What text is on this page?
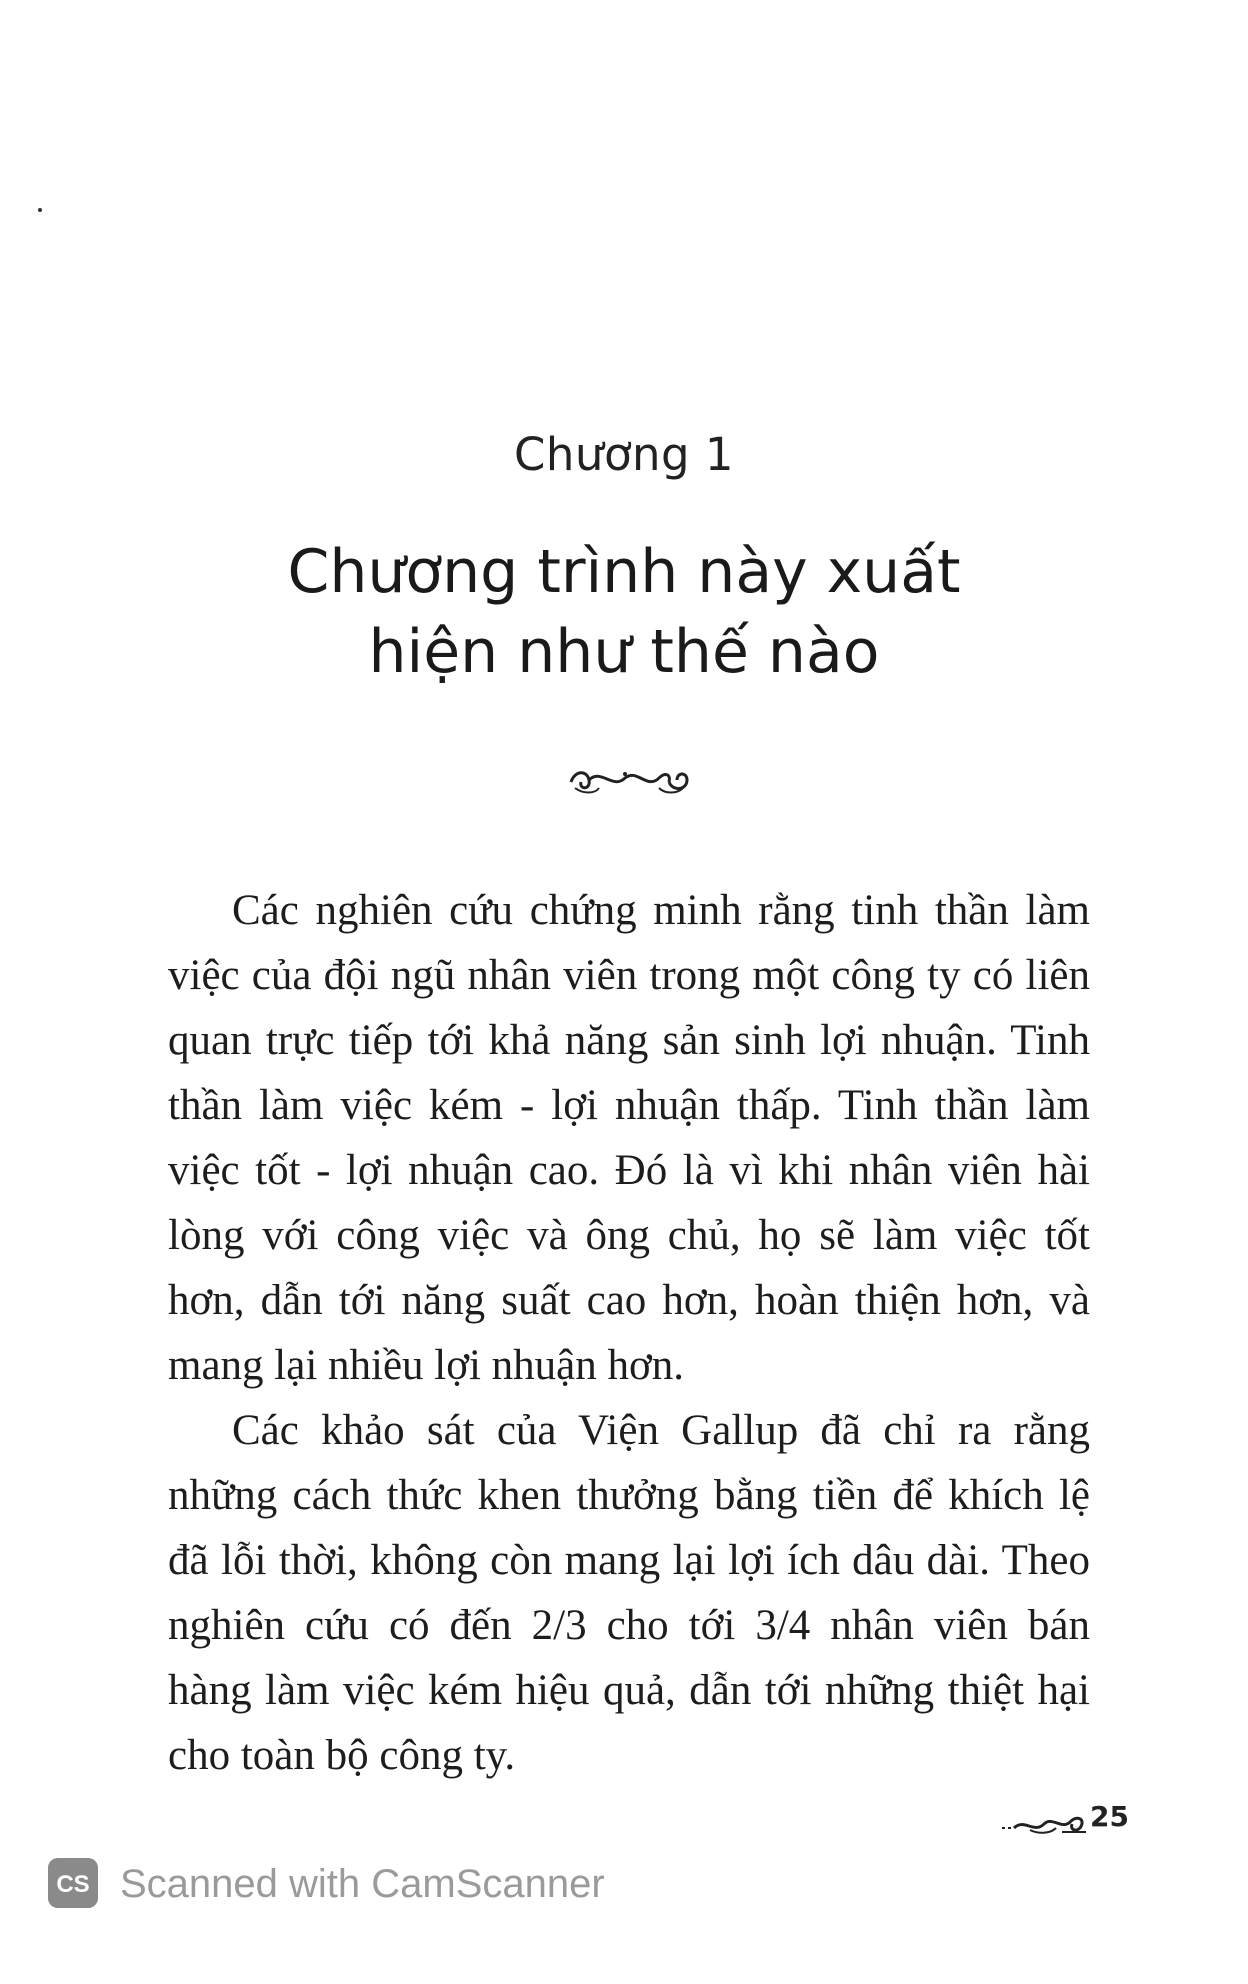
Chương 1
Chương trình này xuất
hiện như thế nào

Các nghiên cứu chứng minh rằng tinh thần làm việc của đội ngũ nhân viên trong một công ty có liên quan trực tiếp tới khả năng sản sinh lợi nhuận. Tinh thần làm việc kém - lợi nhuận thấp. Tinh thần làm việc tốt - lợi nhuận cao. Đó là vì khi nhân viên hài lòng với công việc và ông chủ, họ sẽ làm việc tốt hơn, dẫn tới năng suất cao hơn, hoàn thiện hơn, và mang lại nhiều lợi nhuận hơn.

Các khảo sát của Viện Gallup đã chỉ ra rằng những cách thức khen thưởng bằng tiền để khích lệ đã lỗi thời, không còn mang lại lợi ích dâu dài. Theo nghiên cứu có đến 2/3 cho tới 3/4 nhân viên bán hàng làm việc kém hiệu quả, dẫn tới những thiệt hại cho toàn bộ công ty.

25
CS Scanned with CamScanner
